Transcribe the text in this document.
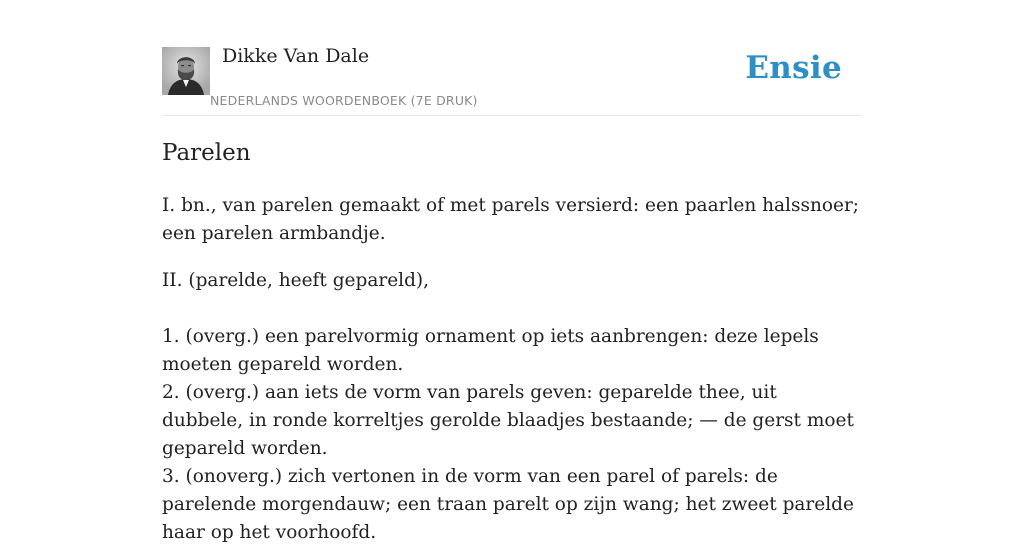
Dikke Van Dale
NEDERLANDS WOORDENBOEK (7E DRUK)
Ensie
Parelen

I. bn., van parelen gemaakt of met parels versierd: een paarlen halssnoer; een parelen armbandje.

II. (parelde, heeft gepareld),

1. (overg.) een parelvormig ornament op iets aanbrengen: deze lepels moeten gepareld worden.
2. (overg.) aan iets de vorm van parels geven: geparelde thee, uit dubbele, in ronde korreltjes gerolde blaadjes bestaande; — de gerst moet gepareld worden.
3. (onoverg.) zich vertonen in de vorm van een parel of parels: de parelende morgendauw; een traan parelt op zijn wang; het zweet parelde haar op het voorhoofd.
